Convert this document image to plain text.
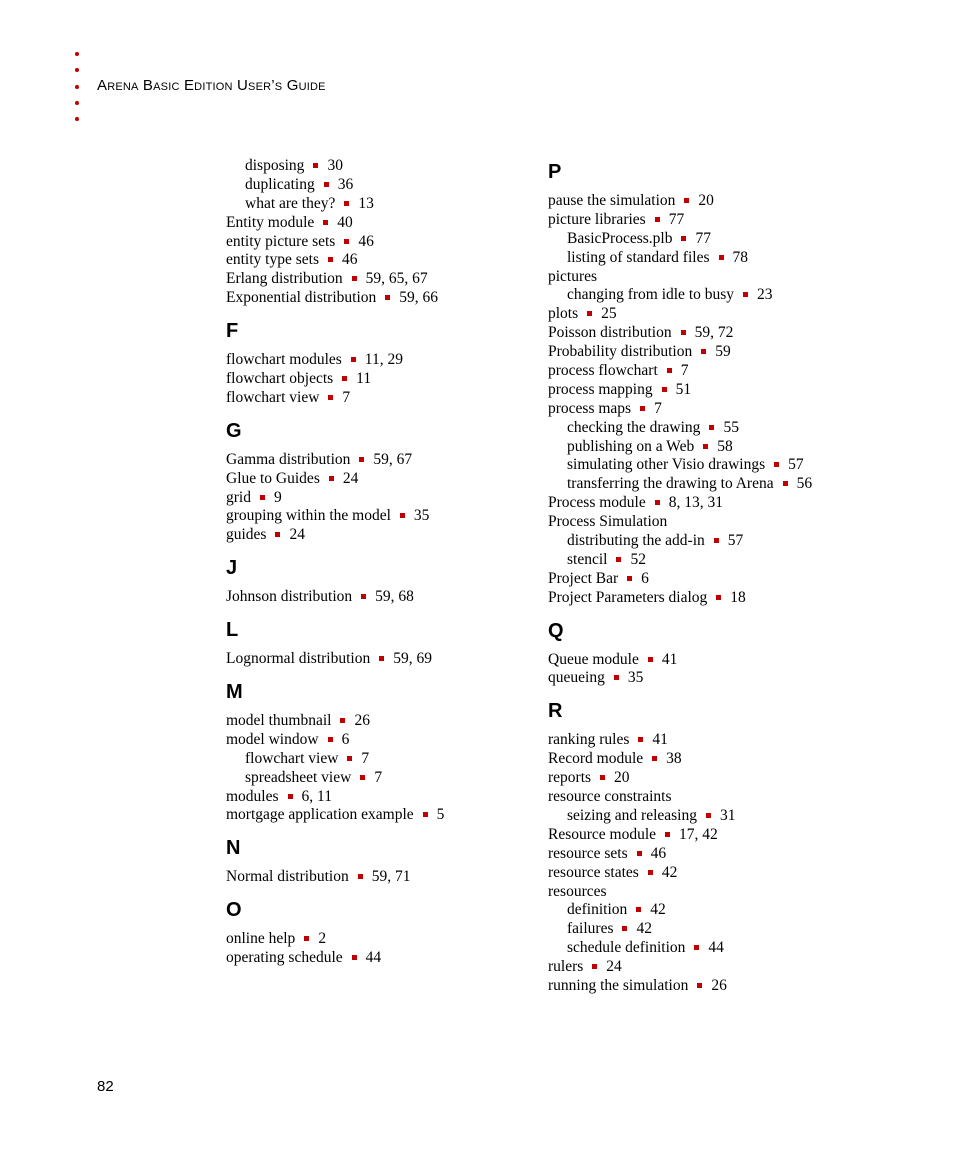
Arena Basic Edition User’s Guide
disposing 30
duplicating 36
what are they? 13
Entity module 40
entity picture sets 46
entity type sets 46
Erlang distribution 59, 65, 67
Exponential distribution 59, 66
F
flowchart modules 11, 29
flowchart objects 11
flowchart view 7
G
Gamma distribution 59, 67
Glue to Guides 24
grid 9
grouping within the model 35
guides 24
J
Johnson distribution 59, 68
L
Lognormal distribution 59, 69
M
model thumbnail 26
model window 6
flowchart view 7
spreadsheet view 7
modules 6, 11
mortgage application example 5
N
Normal distribution 59, 71
O
online help 2
operating schedule 44
P
pause the simulation 20
picture libraries 77
BasicProcess.plb 77
listing of standard files 78
pictures
changing from idle to busy 23
plots 25
Poisson distribution 59, 72
Probability distribution 59
process flowchart 7
process mapping 51
process maps 7
checking the drawing 55
publishing on a Web 58
simulating other Visio drawings 57
transferring the drawing to Arena 56
Process module 8, 13, 31
Process Simulation
distributing the add-in 57
stencil 52
Project Bar 6
Project Parameters dialog 18
Q
Queue module 41
queueing 35
R
ranking rules 41
Record module 38
reports 20
resource constraints
seizing and releasing 31
Resource module 17, 42
resource sets 46
resource states 42
resources
definition 42
failures 42
schedule definition 44
rulers 24
running the simulation 26
82
